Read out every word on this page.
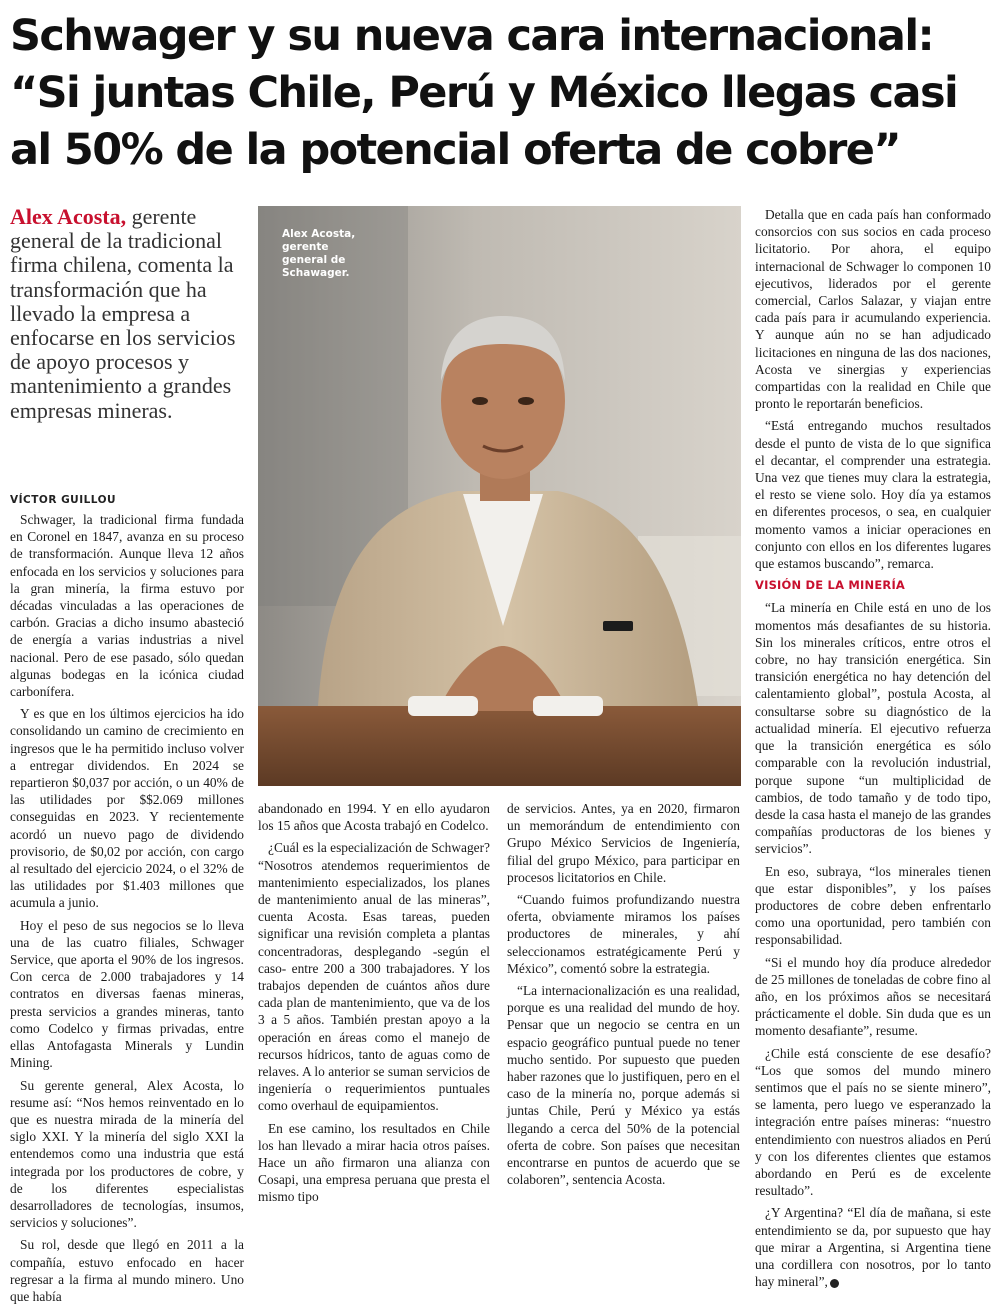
Schwager y su nueva cara internacional:
“Si juntas Chile, Perú y México llegas casi
al 50% de la potencial oferta de cobre”
Alex Acosta, gerente general de la tradicional firma chilena, comenta la transformación que ha llevado la empresa a enfocarse en los servicios de apoyo procesos y mantenimiento a grandes empresas mineras.
VÍCTOR GUILLOU

Schwager, la tradicional firma fundada en Coronel en 1847, avanza en su proceso de transformación. Aunque lleva 12 años enfocada en los servicios y soluciones para la gran minería, la firma estuvo por décadas vinculadas a las operaciones de carbón. Gracias a dicho insumo abasteció de energía a varias industrias a nivel nacional. Pero de ese pasado, sólo quedan algunas bodegas en la icónica ciudad carbonífera.

Y es que en los últimos ejercicios ha ido consolidando un camino de crecimiento en ingresos que le ha permitido incluso volver a entregar dividendos. En 2024 se repartieron $0,037 por acción, o un 40% de las utilidades por $$2.069 millones conseguidas en 2023. Y recientemente acordó un nuevo pago de dividendo provisorio, de $0,02 por acción, con cargo al resultado del ejercicio 2024, o el 32% de las utilidades por $1.403 millones que acumula a junio.

Hoy el peso de sus negocios se lo lleva una de las cuatro filiales, Schwager Service, que aporta el 90% de los ingresos. Con cerca de 2.000 trabajadores y 14 contratos en diversas faenas mineras, presta servicios a grandes mineras, tanto como Codelco y firmas privadas, entre ellas Antofagasta Minerals y Lundin Mining.

Su gerente general, Alex Acosta, lo resume así: “Nos hemos reinventado en lo que es nuestra mirada de la minería del siglo XXI. Y la minería del siglo XXI la entendemos como una industria que está integrada por los productores de cobre, y de los diferentes especialistas desarrolladores de tecnologías, insumos, servicios y soluciones”.

Su rol, desde que llegó en 2011 a la compañía, estuvo enfocado en hacer regresar a la firma al mundo minero. Uno que había

Alex Acosta,
gerente
general de
Schawager.

abandonado en 1994. Y en ello ayudaron los 15 años que Acosta trabajó en Codelco.

¿Cuál es la especialización de Schwager? “Nosotros atendemos requerimientos de mantenimiento especializados, los planes de mantenimiento anual de las mineras”, cuenta Acosta. Esas tareas, pueden significar una revisión completa a plantas concentradoras, desplegando -según el caso- entre 200 a 300 trabajadores. Y los trabajos dependen de cuántos años dure cada plan de mantenimiento, que va de los 3 a 5 años. También prestan apoyo a la operación en áreas como el manejo de recursos hídricos, tanto de aguas como de relaves. A lo anterior se suman servicios de ingeniería o requerimientos puntuales como overhaul de equipamientos.

En ese camino, los resultados en Chile los han llevado a mirar hacia otros países. Hace un año firmaron una alianza con Cosapi, una empresa peruana que presta el mismo tipo

de servicios. Antes, ya en 2020, firmaron un memorándum de entendimiento con Grupo México Servicios de Ingeniería, filial del grupo México, para participar en procesos licitatorios en Chile.

“Cuando fuimos profundizando nuestra oferta, obviamente miramos los países productores de minerales, y ahí seleccionamos estratégicamente Perú y México”, comentó sobre la estrategia.

“La internacionalización es una realidad, porque es una realidad del mundo de hoy. Pensar que un negocio se centra en un espacio geográfico puntual puede no tener mucho sentido. Por supuesto que pueden haber razones que lo justifiquen, pero en el caso de la minería no, porque además si juntas Chile, Perú y México ya estás llegando a cerca del 50% de la potencial oferta de cobre. Son países que necesitan encontrarse en puntos de acuerdo que se colaboren”, sentencia Acosta.

Detalla que en cada país han conformado consorcios con sus socios en cada proceso licitatorio. Por ahora, el equipo internacional de Schwager lo componen 10 ejecutivos, liderados por el gerente comercial, Carlos Salazar, y viajan entre cada país para ir acumulando experiencia. Y aunque aún no se han adjudicado licitaciones en ninguna de las dos naciones, Acosta ve sinergias y experiencias compartidas con la realidad en Chile que pronto le reportarán beneficios.

“Está entregando muchos resultados desde el punto de vista de lo que significa el decantar, el comprender una estrategia. Una vez que tienes muy clara la estrategia, el resto se viene solo. Hoy día ya estamos en diferentes procesos, o sea, en cualquier momento vamos a iniciar operaciones en conjunto con ellos en los diferentes lugares que estamos buscando”, remarca.

VISIÓN DE LA MINERÍA

“La minería en Chile está en uno de los momentos más desafiantes de su historia. Sin los minerales críticos, entre otros el cobre, no hay transición energética. Sin transición energética no hay detención del calentamiento global”, postula Acosta, al consultarse sobre su diagnóstico de la actualidad minería. El ejecutivo refuerza que la transición energética es sólo comparable con la revolución industrial, porque supone “un multiplicidad de cambios, de todo tamaño y de todo tipo, desde la casa hasta el manejo de las grandes compañías productoras de los bienes y servicios”.

En eso, subraya, “los minerales tienen que estar disponibles”, y los países productores de cobre deben enfrentarlo como una oportunidad, pero también con responsabilidad.

“Si el mundo hoy día produce alrededor de 25 millones de toneladas de cobre fino al año, en los próximos años se necesitará prácticamente el doble. Sin duda que es un momento desafiante”, resume.

¿Chile está consciente de ese desafío? “Los que somos del mundo minero sentimos que el país no se siente minero”, se lamenta, pero luego ve esperanzado la integración entre países mineras: “nuestro entendimiento con nuestros aliados en Perú y con los diferentes clientes que estamos abordando en Perú es de excelente resultado”.

¿Y Argentina? “El día de mañana, si este entendimiento se da, por supuesto que hay que mirar a Argentina, si Argentina tiene una cordillera con nosotros, por lo tanto hay mineral”,
